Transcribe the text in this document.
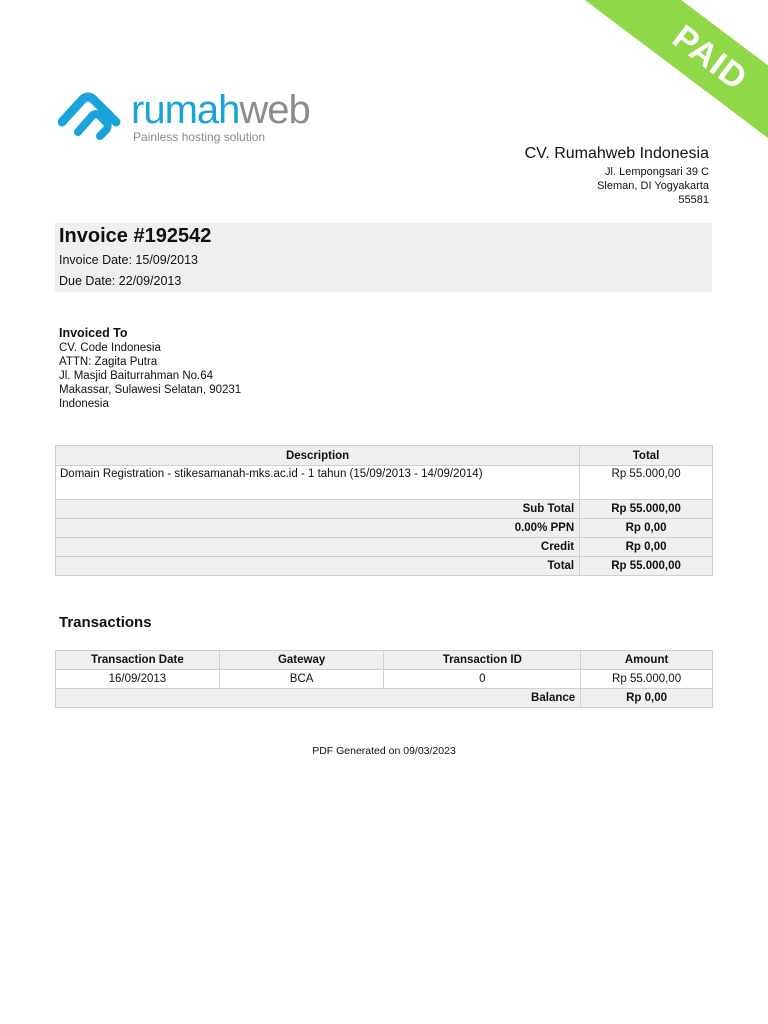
PAID
rumahweb
Painless hosting solution
CV. Rumahweb Indonesia
Jl. Lempongsari 39 C
Sleman, DI Yogyakarta
55581
Invoice #192542
Invoice Date: 15/09/2013
Due Date: 22/09/2013
Invoiced To
CV. Code Indonesia
ATTN: Zagita Putra
Jl. Masjid Baiturrahman No.64
Makassar, Sulawesi Selatan, 90231
Indonesia
Description	Total
Domain Registration - stikesamanah-mks.ac.id - 1 tahun (15/09/2013 - 14/09/2014)	Rp 55.000,00
Sub Total	Rp 55.000,00
0.00% PPN	Rp 0,00
Credit	Rp 0,00
Total	Rp 55.000,00
Transactions
Transaction Date	Gateway	Transaction ID	Amount
16/09/2013	BCA	0	Rp 55.000,00
Balance			Rp 0,00
PDF Generated on 09/03/2023
